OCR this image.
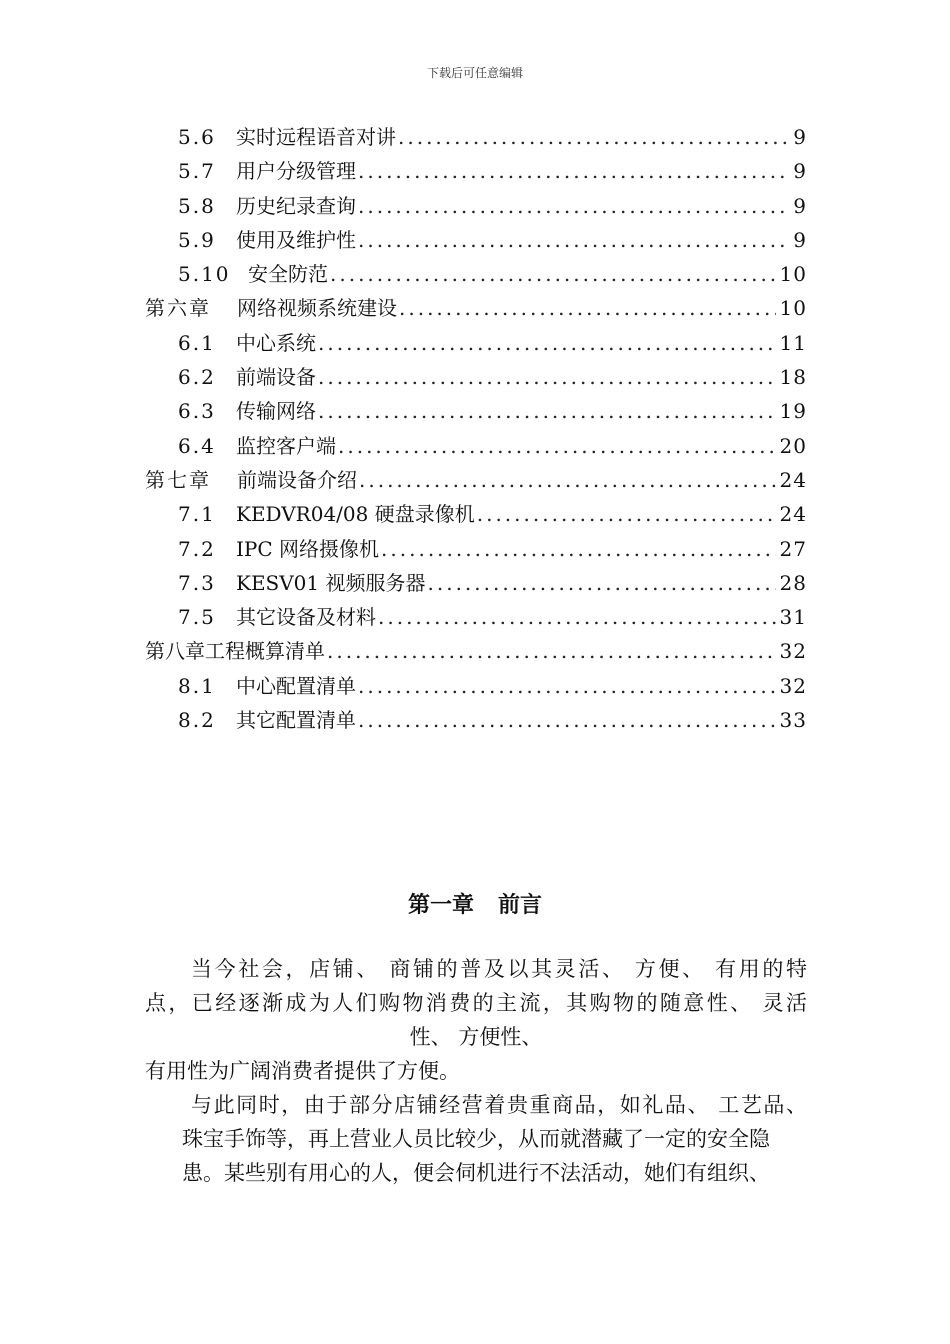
下载后可任意编辑
5.6	实时远程语音对讲 .....	9
5.7	用户分级管理 .....	9
5.8	历史纪录查询 .....	9
5.9	使用及维护性 .....	9
5.10 安全防范 .....	10
第六章	网络视频系统建设 .....	10
6.1	中心系统 .....	11
6.2	前端设备 .....	18
6.3	传输网络 .....	19
6.4	监控客户端 .....	20
第七章	前端设备介绍 .....	24
7.1	KEDVR04/08 硬盘录像机 .....	24
7.2	IPC 网络摄像机 .....	27
7.3	KESV01 视频服务器 .....	28
7.5	其它设备及材料 .....	31
第八章工程概算清单 .....	32
8.1	中心配置清单 .....	32
8.2	其它配置清单 .....	33
第一章 前言
当今社会，店铺、 商铺的普及以其灵活、 方便、 有用的特
点，已经逐渐成为人们购物消费的主流，其购物的随意性、 灵活
性、 方便性、
有用性为广阔消费者提供了方便。
与此同时，由于部分店铺经营着贵重商品，如礼品、 工艺品、
珠宝手饰等，再上营业人员比较少，从而就潜藏了一定的安全隐
患。某些别有用心的人，便会伺机进行不法活动，她们有组织、
